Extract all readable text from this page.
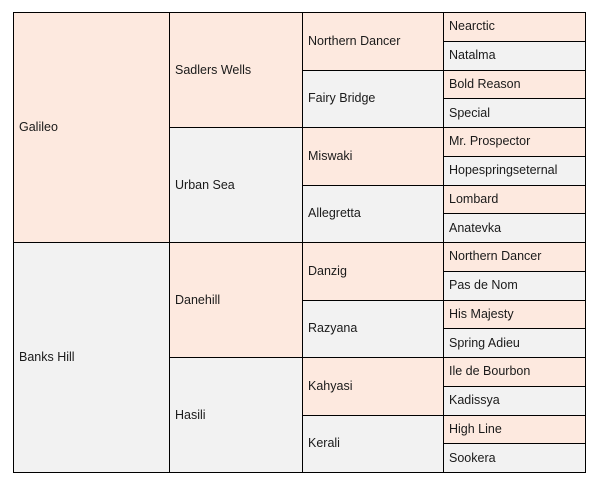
Galileo
Banks Hill
Sadlers Wells
Urban Sea
Danehill
Hasili
Northern Dancer
Fairy Bridge
Miswaki
Allegretta
Danzig
Razyana
Kahyasi
Kerali
Nearctic
Natalma
Bold Reason
Special
Mr. Prospector
Hopespringseternal
Lombard
Anatevka
Northern Dancer
Pas de Nom
His Majesty
Spring Adieu
Ile de Bourbon
Kadissya
High Line
Sookera
